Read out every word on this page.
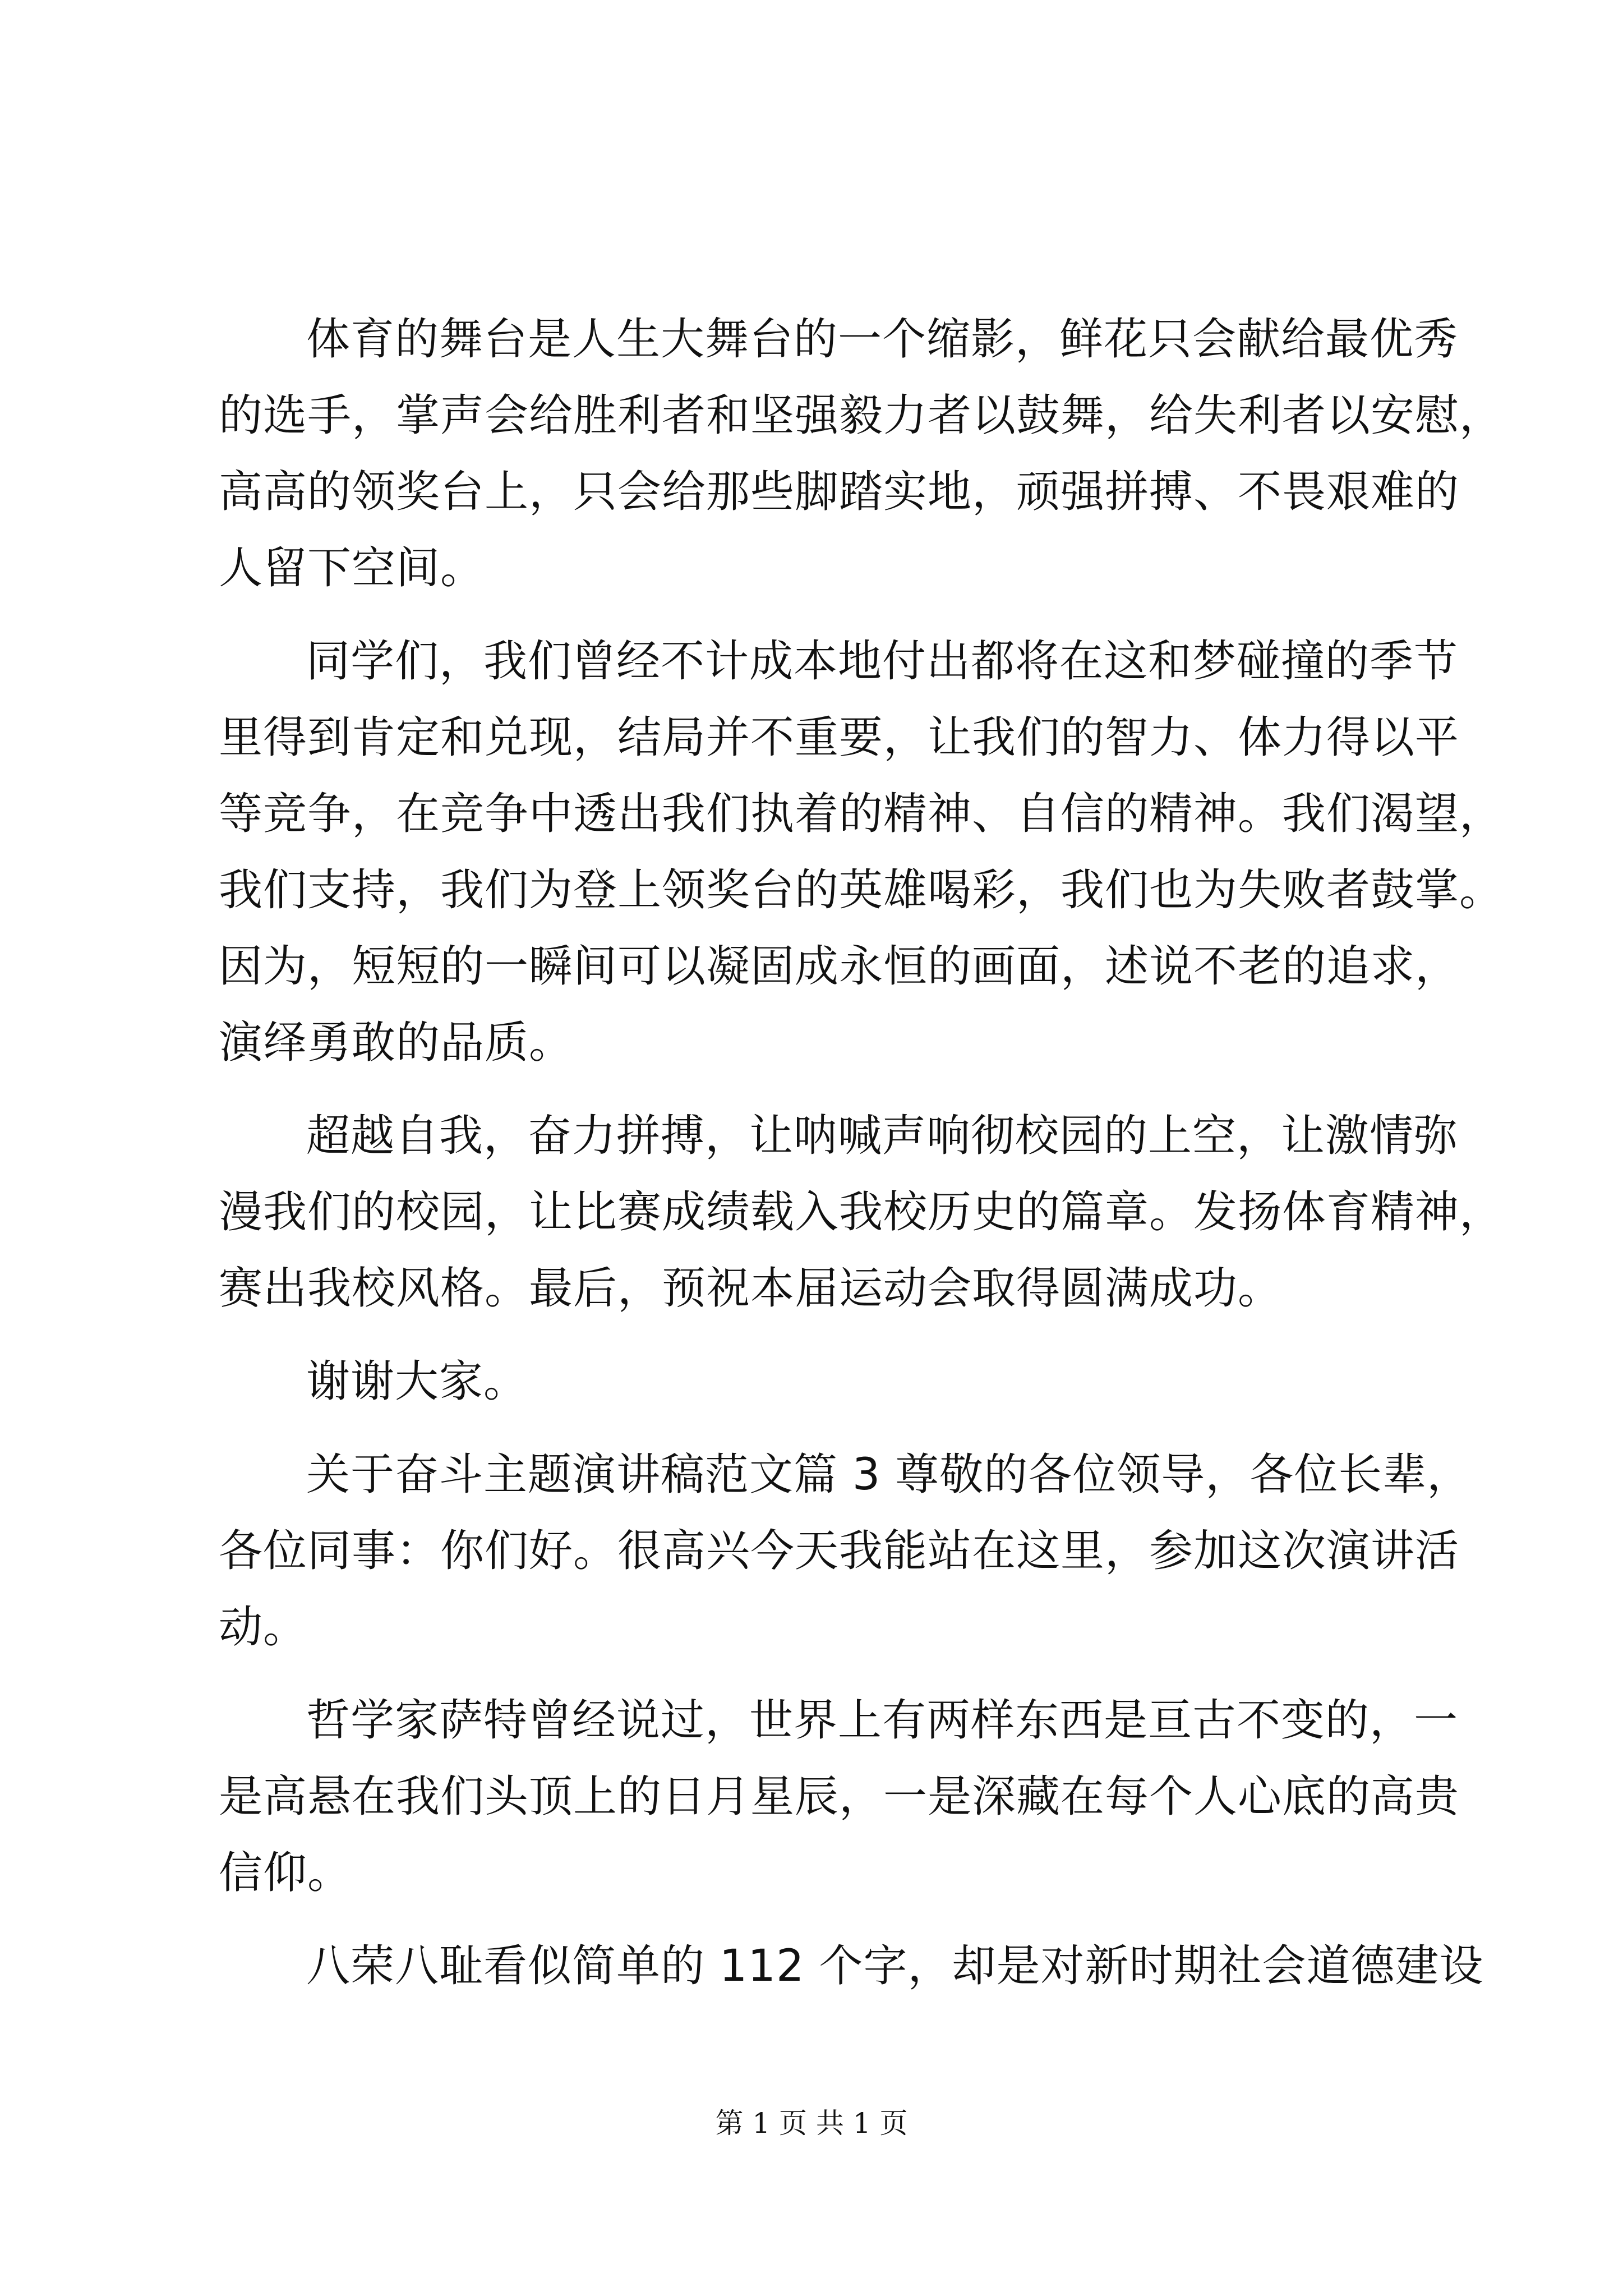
体育的舞台是人生大舞台的一个缩影，鲜花只会献给最优秀
的选手，掌声会给胜利者和坚强毅力者以鼓舞，给失利者以安慰，
高高的领奖台上，只会给那些脚踏实地，顽强拼搏、不畏艰难的
人留下空间。
同学们，我们曾经不计成本地付出都将在这和梦碰撞的季节
里得到肯定和兑现，结局并不重要，让我们的智力、体力得以平
等竞争，在竞争中透出我们执着的精神、自信的精神。我们渴望，
我们支持，我们为登上领奖台的英雄喝彩，我们也为失败者鼓掌。
因为，短短的一瞬间可以凝固成永恒的画面，述说不老的追求，
演绎勇敢的品质。
超越自我，奋力拼搏，让呐喊声响彻校园的上空，让激情弥
漫我们的校园，让比赛成绩载入我校历史的篇章。发扬体育精神，
赛出我校风格。最后，预祝本届运动会取得圆满成功。
谢谢大家。
关于奋斗主题演讲稿范文篇 3 尊敬的各位领导，各位长辈，
各位同事：你们好。很高兴今天我能站在这里，参加这次演讲活
动。
哲学家萨特曾经说过，世界上有两样东西是亘古不变的，一
是高悬在我们头顶上的日月星辰，一是深藏在每个人心底的高贵
信仰。
八荣八耻看似简单的 112 个字，却是对新时期社会道德建设
第 1 页 共 1 页
